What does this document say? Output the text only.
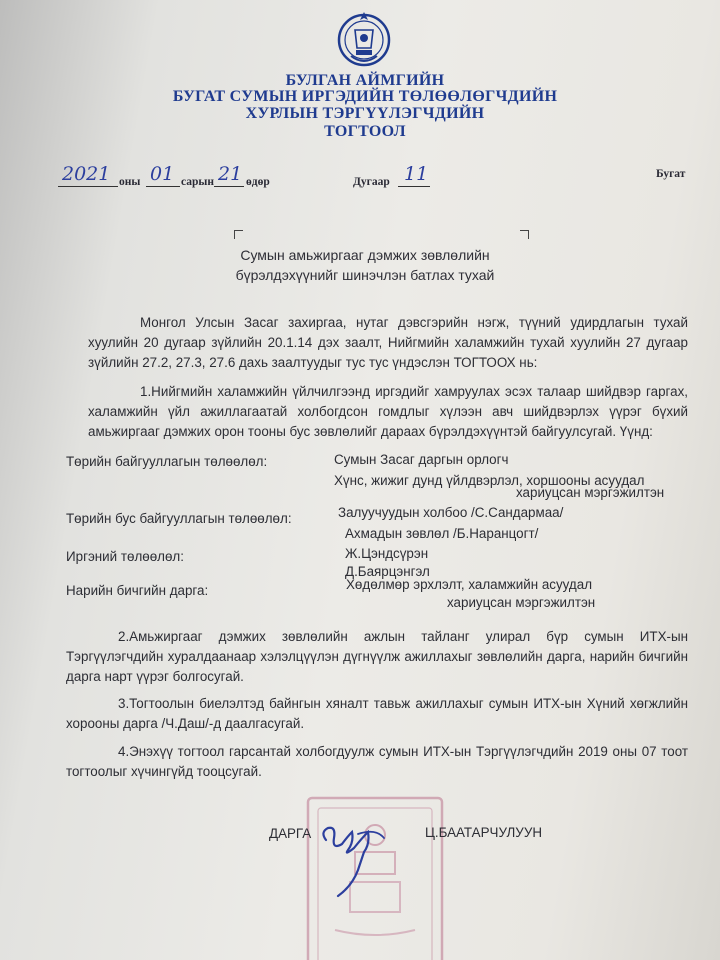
БУЛГАН АЙМГИЙН
БУГАТ СУМЫН ИРГЭДИЙН ТӨЛӨӨЛӨГЧДИЙН
ХУРЛЫН ТЭРГҮҮЛЭГЧДИЙН
ТОГТООЛ
2021 оны 01 сарын 21 өдөр	Дугаар 11	Бугат
Сумын амьжиргааг дэмжих зөвлөлийн
бүрэлдэхүүнийг шинэчлэн батлах тухай
Монгол Улсын Засаг захиргаа, нутаг дэвсгэрийн нэгж, түүний удирдлагын тухай хуулийн 20 дугаар зүйлийн 20.1.14 дэх заалт, Нийгмийн халамжийн тухай хуулийн 27 дугаар зүйлийн 27.2, 27.3, 27.6 дахь заалтуудыг тус тус үндэслэн ТОГТООХ нь:
1.Нийгмийн халамжийн үйлчилгээнд иргэдийг хамруулах эсэх талаар шийдвэр гаргах, халамжийн үйл ажиллагаатай холбогдсон гомдлыг хүлээн авч шийдвэрлэх үүрэг бүхий амьжиргааг дэмжих орон тооны бус зөвлөлийг дараах бүрэлдэхүүнтэй байгуулсугай. Үүнд:
Төрийн байгууллагын төлөөлөл:	Сумын Засаг даргын орлогч
Хүнс, жижиг дунд үйлдвэрлэл, хоршооны асуудал
хариуцсан мэргэжилтэн
Төрийн бус байгууллагын төлөөлөл:	Залуучуудын холбоо /С.Сандармаа/
Ахмадын зөвлөл /Б.Наранцогт/
Иргэний төлөөлөл:	Ж.Цэндсүрэн
Д.Баярцэнгэл
Нарийн бичгийн дарга:	Хөдөлмөр эрхлэлт, халамжийн асуудал
хариуцсан мэргэжилтэн
2.Амьжиргааг дэмжих зөвлөлийн ажлын тайланг улирал бүр сумын ИТХ-ын Тэргүүлэгчдийн хуралдаанаар хэлэлцүүлэн дүгнүүлж ажиллахыг зөвлөлийн дарга, нарийн бичгийн дарга нарт үүрэг болгосугай.
3.Тогтоолын биелэлтэд байнгын хяналт тавьж ажиллахыг сумын ИТХ-ын Хүний хөгжлийн хорооны дарга /Ч.Даш/-д даалгасугай.
4.Энэхүү тогтоол гарсантай холбогдуулж сумын ИТХ-ын Тэргүүлэгчдийн 2019 оны 07 тоот тогтоолыг хүчингүйд тооцсугай.
ДАРГА	Ц.БААТАРЧУЛУУН
